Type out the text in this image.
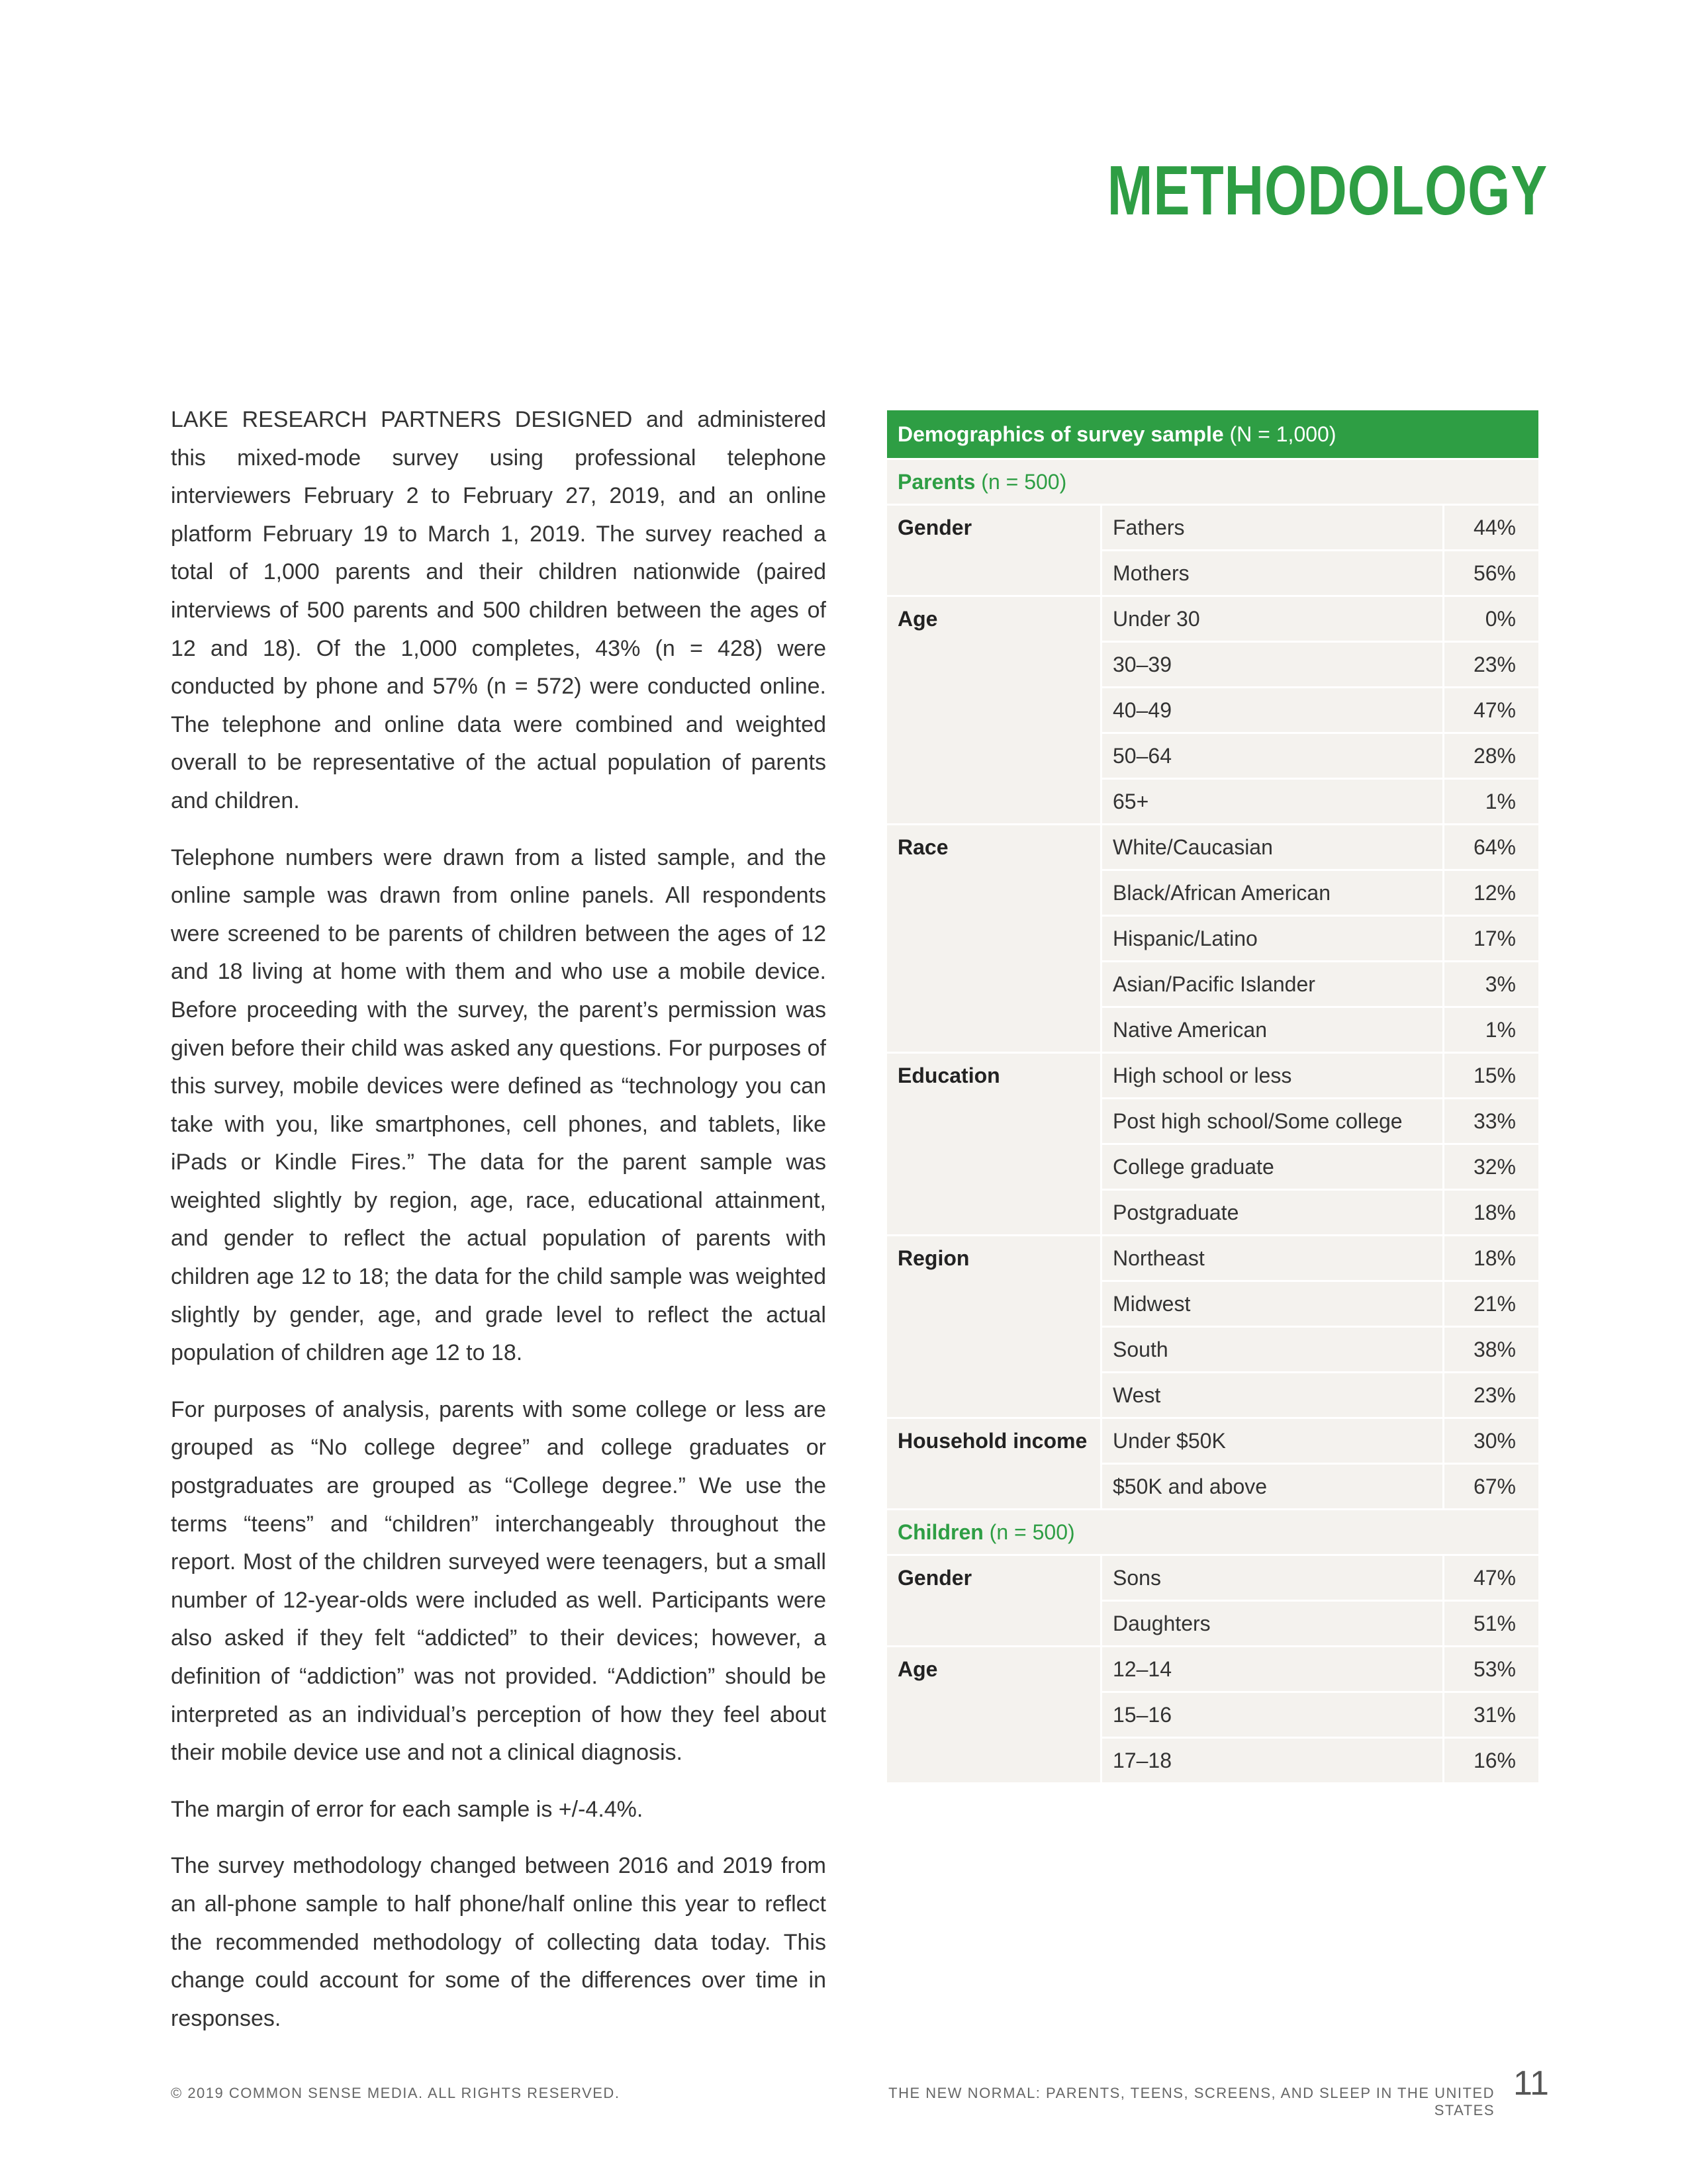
METHODOLOGY

LAKE RESEARCH PARTNERS DESIGNED and administered this mixed-mode survey using professional telephone interviewers February 2 to February 27, 2019, and an online platform February 19 to March 1, 2019. The survey reached a total of 1,000 parents and their children nationwide (paired interviews of 500 parents and 500 children between the ages of 12 and 18). Of the 1,000 completes, 43% (n = 428) were conducted by phone and 57% (n = 572) were conducted online. The telephone and online data were combined and weighted overall to be representative of the actual population of parents and children.

Telephone numbers were drawn from a listed sample, and the online sample was drawn from online panels. All respondents were screened to be parents of children between the ages of 12 and 18 living at home with them and who use a mobile device. Before proceeding with the survey, the parent’s permission was given before their child was asked any questions. For purposes of this survey, mobile devices were defined as “technology you can take with you, like smartphones, cell phones, and tablets, like iPads or Kindle Fires.” The data for the parent sample was weighted slightly by region, age, race, educational attainment, and gender to reflect the actual population of parents with children age 12 to 18; the data for the child sample was weighted slightly by gender, age, and grade level to reflect the actual population of children age 12 to 18.

For purposes of analysis, parents with some college or less are grouped as “No college degree” and college graduates or postgraduates are grouped as “College degree.” We use the terms “teens” and “children” interchangeably throughout the report. Most of the children surveyed were teenagers, but a small number of 12-year-olds were included as well. Participants were also asked if they felt “addicted” to their devices; however, a definition of “addiction” was not provided. “Addiction” should be interpreted as an individual’s perception of how they feel about their mobile device use and not a clinical diagnosis.

The margin of error for each sample is +/-4.4%.

The survey methodology changed between 2016 and 2019 from an all-phone sample to half phone/half online this year to reflect the recommended methodology of collecting data today. This change could account for some of the differences over time in responses.

Demographics of survey sample (N = 1,000)
Parents (n = 500)
Gender	Fathers	44%
Mothers	56%
Age	Under 30	0%
30–39	23%
40–49	47%
50–64	28%
65+	1%
Race	White/Caucasian	64%
Black/African American	12%
Hispanic/Latino	17%
Asian/Pacific Islander	3%
Native American	1%
Education	High school or less	15%
Post high school/Some college	33%
College graduate	32%
Postgraduate	18%
Region	Northeast	18%
Midwest	21%
South	38%
West	23%
Household income	Under $50K	30%
$50K and above	67%
Children (n = 500)
Gender	Sons	47%
Daughters	51%
Age	12–14	53%
15–16	31%
17–18	16%
© 2019 COMMON SENSE MEDIA. ALL RIGHTS RESERVED.	THE NEW NORMAL: PARENTS, TEENS, SCREENS, AND SLEEP IN THE UNITED STATES
11
